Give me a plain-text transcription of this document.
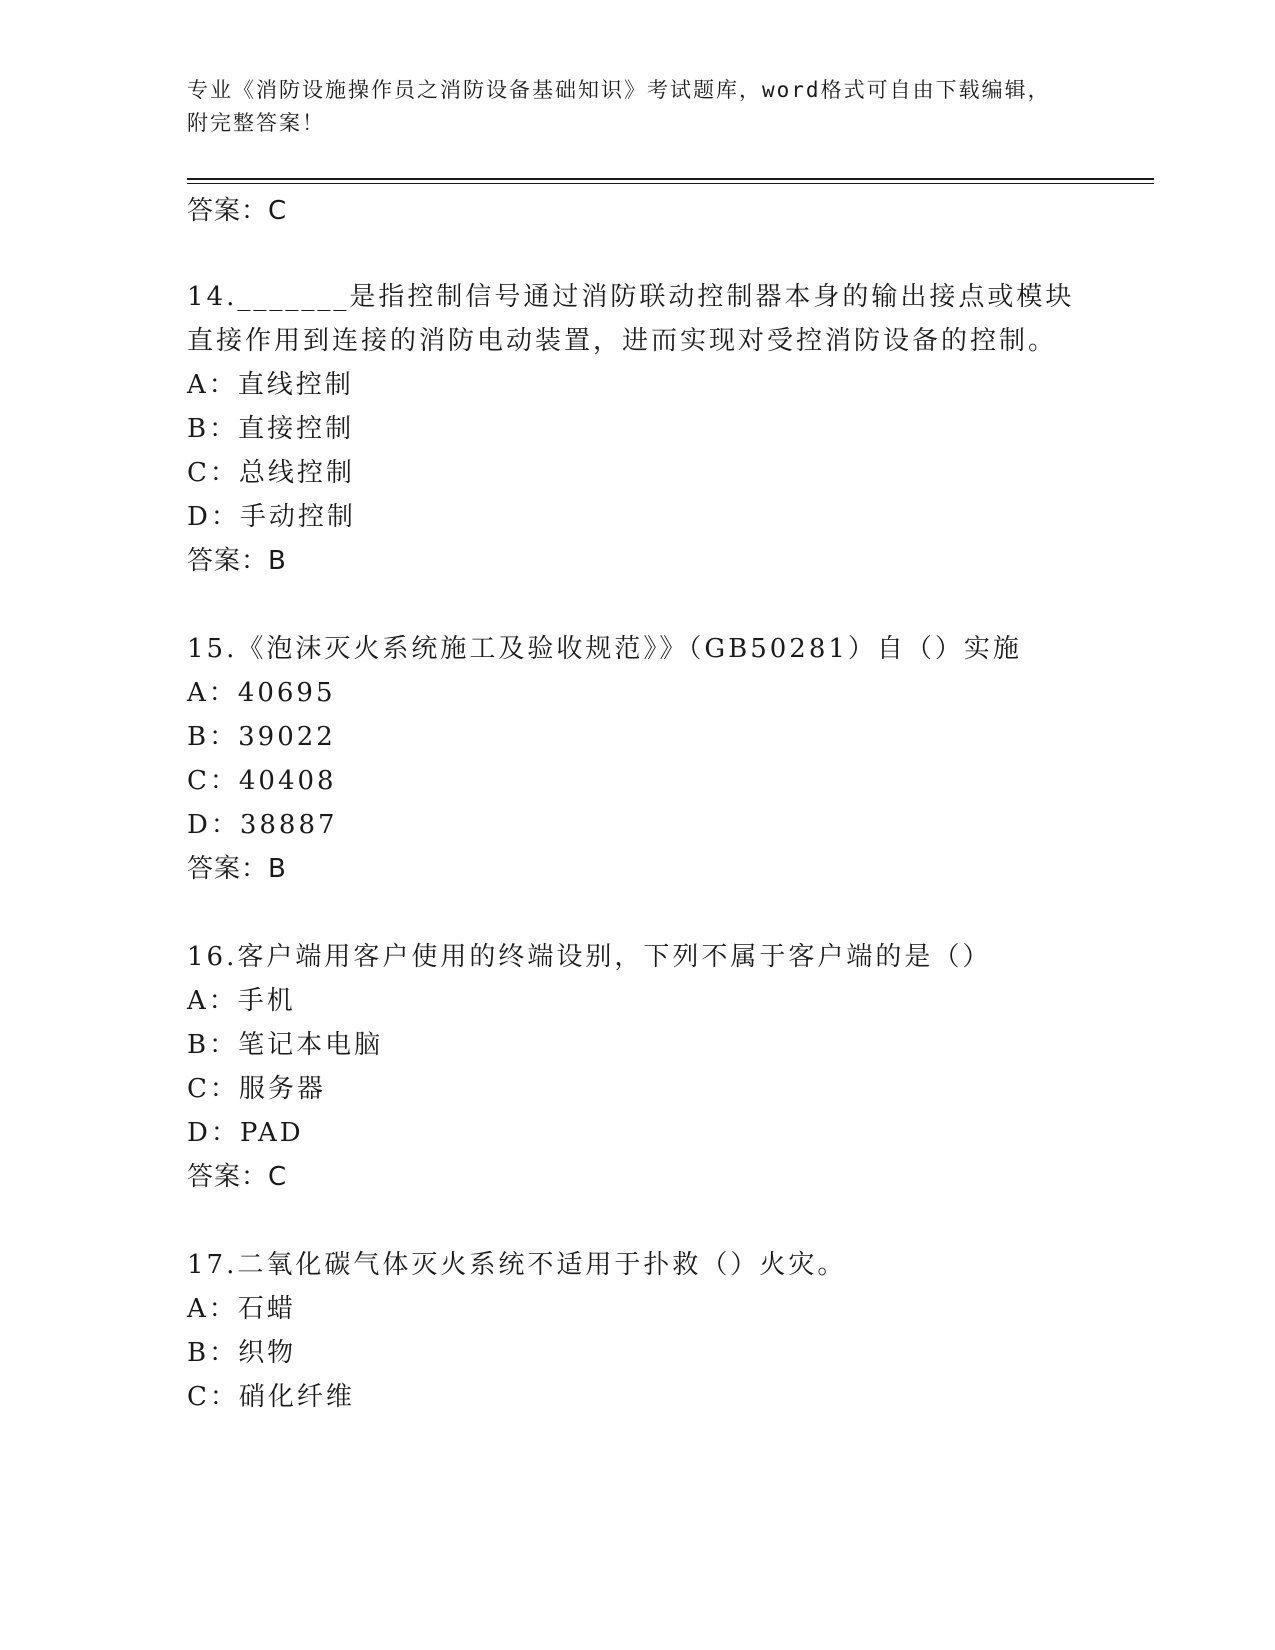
专业《消防设施操作员之消防设备基础知识》考试题库，word格式可自由下载编辑，附完整答案！
答案：C
14._______是指控制信号通过消防联动控制器本身的输出接点或模块
直接作用到连接的消防电动装置，进而实现对受控消防设备的控制。
A：直线控制
B：直接控制
C：总线控制
D：手动控制
答案：B
15.《泡沫灭火系统施工及验收规范》》（GB50281）自（）实施
A：40695
B：39022
C：40408
D：38887
答案：B
16.客户端用客户使用的终端设别，下列不属于客户端的是（）
A：手机
B：笔记本电脑
C：服务器
D：PAD
答案：C
17.二氧化碳气体灭火系统不适用于扑救（）火灾。
A：石蜡
B：织物
C：硝化纤维
